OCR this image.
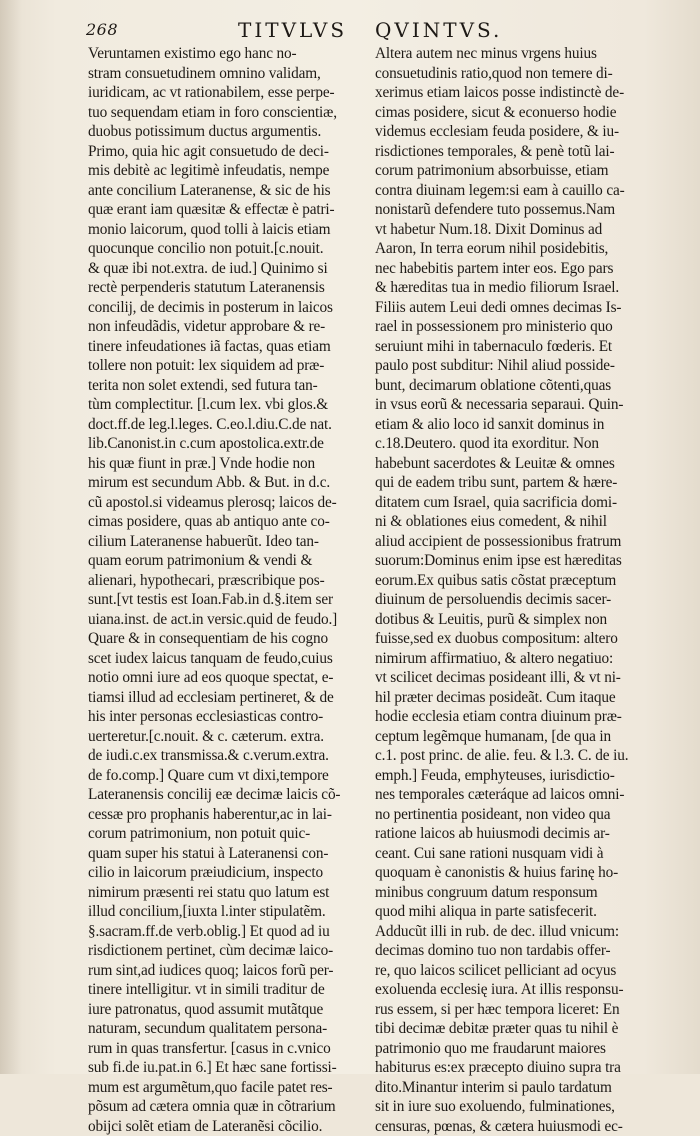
268	TITVLVS QVINTVS.
Veruntamen existimo ego hanc no-
stram consuetudinem omnino validam,
iuridicam, ac vt rationabilem, esse perpe-
tuo sequendam etiam in foro conscientiæ,
duobus potissimum ductus argumentis.
Primo, quia hic agit consuetudo de deci-
mis debitè ac legitimè infeudatis, nempe
ante concilium Lateranense, & sic de his
quæ erant iam quæsitæ & effectæ è patri-
monio laicorum, quod tolli à laicis etiam
quocunque concilio non potuit.[c.nouit.
& quæ ibi not.extra. de iud.] Quinimo si
rectè perpenderis statutum Lateranensis
concilij, de decimis in posterum in laicos
non infeudãdis, videtur approbare & re-
tinere infeudationes iã factas, quas etiam
tollere non potuit: lex siquidem ad præ-
terita non solet extendi, sed futura tan-
tùm complectitur. [l.cum lex. vbi glos.&
doct.ff.de leg.l.leges. C.eo.l.diu.C.de nat.
lib.Canonist.in c.cum apostolica.extr.de
his quæ fiunt in præ.] Vnde hodie non
mirum est secundum Abb. & But. in d.c.
cũ apostol.si videamus plerosq; laicos de-
cimas posidere, quas ab antiquo ante co-
cilium Lateranense habuerũt. Ideo tan-
quam eorum patrimonium & vendi &
alienari, hypothecari, præscribique pos-
sunt.[vt testis est Ioan.Fab.in d.§.item ser
uiana.inst. de act.in versic.quid de feudo.]
Quare & in consequentiam de his cogno
scet iudex laicus tanquam de feudo,cuius
notio omni iure ad eos quoque spectat, e-
tiamsi illud ad ecclesiam pertineret, & de
his inter personas ecclesiasticas contro-
uerteretur.[c.nouit. & c. cæterum. extra.
de iudi.c.ex transmissa.& c.verum.extra.
de fo.comp.] Quare cum vt dixi,tempore
Lateranensis concilij eæ decimæ laicis cõ-
cessæ pro prophanis haberentur,ac in lai-
corum patrimonium, non potuit quic-
quam super his statui à Lateranensi con-
cilio in laicorum præiudicium, inspecto
nimirum præsenti rei statu quo latum est
illud concilium,[iuxta l.inter stipulatẽm.
§.sacram.ff.de verb.oblig.] Et quod ad iu
risdictionem pertinet, cùm decimæ laico-
rum sint,ad iudices quoq; laicos forũ per-
tinere intelligitur. vt in simili traditur de
iure patronatus, quod assumit mutãtque
naturam, secundum qualitatem persona-
rum in quas transfertur. [casus in c.vnico
sub fi.de iu.pat.in 6.] Et hæc sane fortissi-
mum est argumẽtum,quo facile patet res-
põsum ad cætera omnia quæ in cõtrarium
obijci solẽt etiam de Lateranẽsi cõcilio.
Altera autem nec minus vrgens huius
consuetudinis ratio,quod non temere di-
xerimus etiam laicos posse indistinctè de-
cimas posidere, sicut & econuerso hodie
videmus ecclesiam feuda posidere, & iu-
risdictiones temporales, & penè totũ lai-
corum patrimonium absorbuisse, etiam
contra diuinam legem:si eam à cauillo ca-
nonistarũ defendere tuto possemus.Nam
vt habetur Num.18. Dixit Dominus ad
Aaron, In terra eorum nihil posidebitis,
nec habebitis partem inter eos. Ego pars
& hæreditas tua in medio filiorum Israel.
Filiis autem Leui dedi omnes decimas Is-
rael in possessionem pro ministerio quo
seruiunt mihi in tabernaculo fœderis. Et
paulo post subditur: Nihil aliud posside-
bunt, decimarum oblatione cõtenti,quas
in vsus eorũ & necessaria separaui. Quin-
etiam & alio loco id sanxit dominus in
c.18.Deutero. quod ita exorditur. Non
habebunt sacerdotes & Leuitæ & omnes
qui de eadem tribu sunt, partem & hære-
ditatem cum Israel, quia sacrificia domi-
ni & oblationes eius comedent, & nihil
aliud accipient de possessionibus fratrum
suorum:Dominus enim ipse est hæreditas
eorum.Ex quibus satis cõstat præceptum
diuinum de persoluendis decimis sacer-
dotibus & Leuitis, purũ & simplex non
fuisse,sed ex duobus compositum: altero
nimirum affirmatiuo, & altero negatiuo:
vt scilicet decimas posideant illi, & vt ni-
hil præter decimas posideãt. Cum itaque
hodie ecclesia etiam contra diuinum præ-
ceptum legẽmque humanam, [de qua in
c.1. post princ. de alie. feu. & l.3. C. de iu.
emph.] Feuda, emphyteuses, iurisdictio-
nes temporales cæteráque ad laicos omni-
no pertinentia posideant, non video qua
ratione laicos ab huiusmodi decimis ar-
ceant. Cui sane rationi nusquam vidi à
quoquam è canonistis & huius farinę ho-
minibus congruum datum responsum
quod mihi aliqua in parte satisfecerit.
Adducũt illi in rub. de dec. illud vnicum:
decimas domino tuo non tardabis offer-
re, quo laicos scilicet pelliciant ad ocyus
exoluenda ecclesię iura. At illis responsu-
rus essem, si per hæc tempora liceret: En
tibi decimæ debitæ præter quas tu nihil è
patrimonio quo me fraudarunt maiores
habiturus es:ex præcepto diuino supra tra
dito.Minantur interim si paulo tardatum
sit in iure suo exoluendo, fulminationes,
censuras, pœnas, & cætera huiusmodi ec-
